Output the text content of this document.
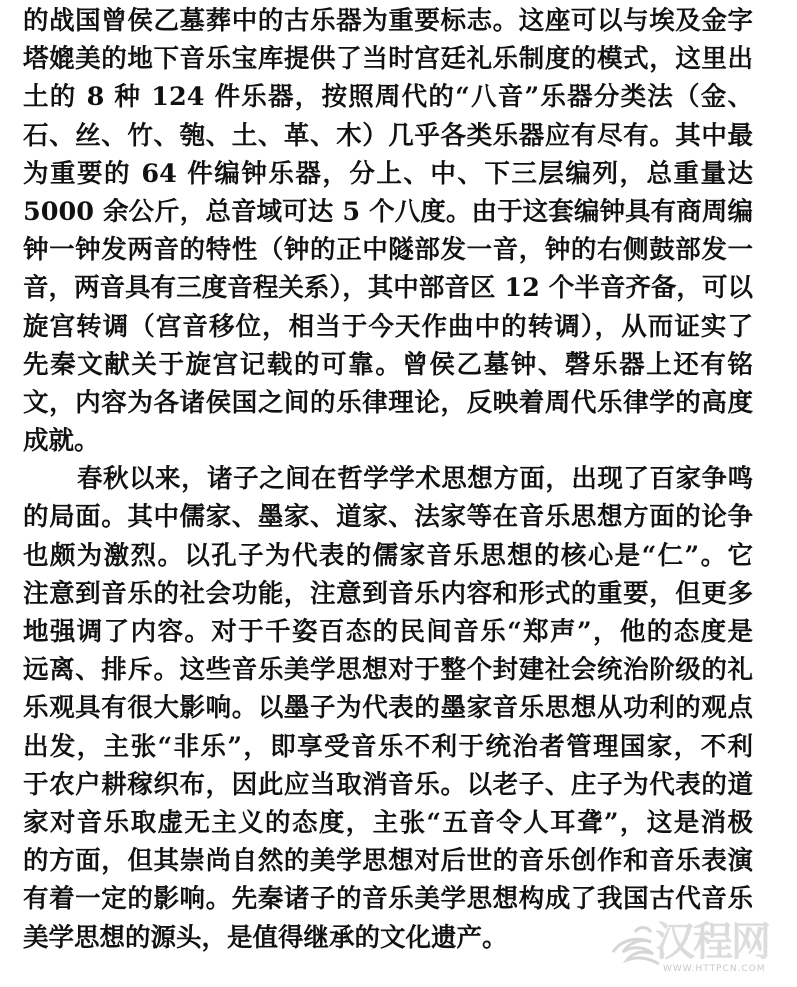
的战国曾侯乙墓葬中的古乐器为重要标志。这座可以与埃及金字
塔媲美的地下音乐宝库提供了当时宫廷礼乐制度的模式，这里出
土的 8 种 124 件乐器，按照周代的“八音”乐器分类法（金、
石、丝、竹、匏、土、革、木）几乎各类乐器应有尽有。其中最
为重要的 64 件编钟乐器，分上、中、下三层编列，总重量达
5000 余公斤，总音域可达 5 个八度。由于这套编钟具有商周编
钟一钟发两音的特性（钟的正中隧部发一音，钟的右侧鼓部发一
音，两音具有三度音程关系），其中部音区 12 个半音齐备，可以
旋宫转调（宫音移位，相当于今天作曲中的转调），从而证实了
先秦文献关于旋宫记载的可靠。曾侯乙墓钟、磬乐器上还有铭
文，内容为各诸侯国之间的乐律理论，反映着周代乐律学的高度
成就。
春秋以来，诸子之间在哲学学术思想方面，出现了百家争鸣
的局面。其中儒家、墨家、道家、法家等在音乐思想方面的论争
也颇为激烈。以孔子为代表的儒家音乐思想的核心是“仁”。它
注意到音乐的社会功能，注意到音乐内容和形式的重要，但更多
地强调了内容。对于千姿百态的民间音乐“郑声”，他的态度是
远离、排斥。这些音乐美学思想对于整个封建社会统治阶级的礼
乐观具有很大影响。以墨子为代表的墨家音乐思想从功利的观点
出发，主张“非乐”，即享受音乐不利于统治者管理国家，不利
于农户耕稼织布，因此应当取消音乐。以老子、庄子为代表的道
家对音乐取虚无主义的态度，主张“五音令人耳聋”，这是消极
的方面，但其崇尚自然的美学思想对后世的音乐创作和音乐表演
有着一定的影响。先秦诸子的音乐美学思想构成了我国古代音乐
美学思想的源头，是值得继承的文化遗产。	汉程网
WWW.HTTPCN.COM
